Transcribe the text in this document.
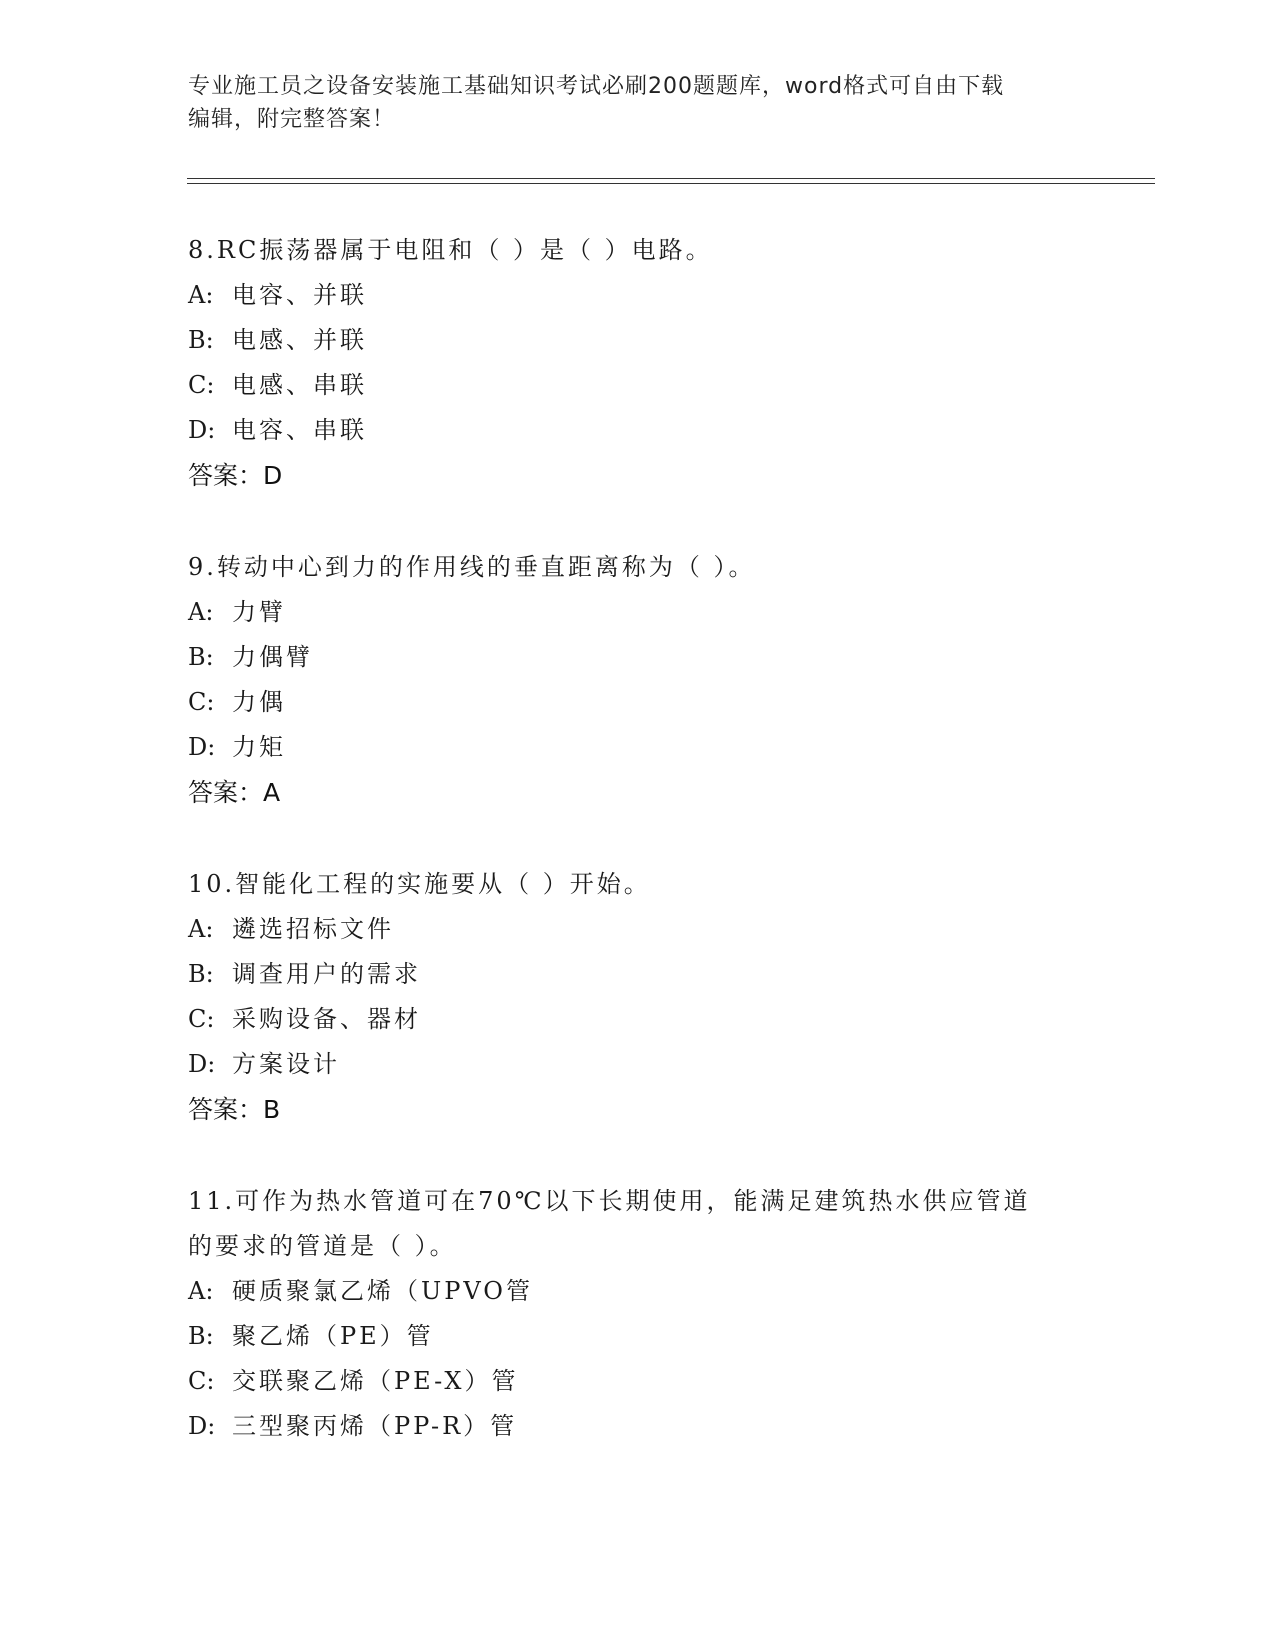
专业施工员之设备安装施工基础知识考试必刷200题题库，word格式可自由下载
编辑，附完整答案！

8.RC振荡器属于电阻和（ ）是（ ）电路。

A: 电容、并联

B: 电感、并联

C: 电感、串联

D: 电容、串联

答案：D

9.转动中心到力的作用线的垂直距离称为（ ）。

A: 力臂

B: 力偶臂

C: 力偶

D: 力矩

答案：A

10.智能化工程的实施要从（ ）开始。

A: 遴选招标文件

B: 调查用户的需求

C: 采购设备、器材

D: 方案设计

答案：B

11.可作为热水管道可在70℃以下长期使用，能满足建筑热水供应管道

的要求的管道是（ ）。

A: 硬质聚氯乙烯（UPVO管

B: 聚乙烯（PE）管

C: 交联聚乙烯（PE-X）管

D: 三型聚丙烯（PP-R）管
